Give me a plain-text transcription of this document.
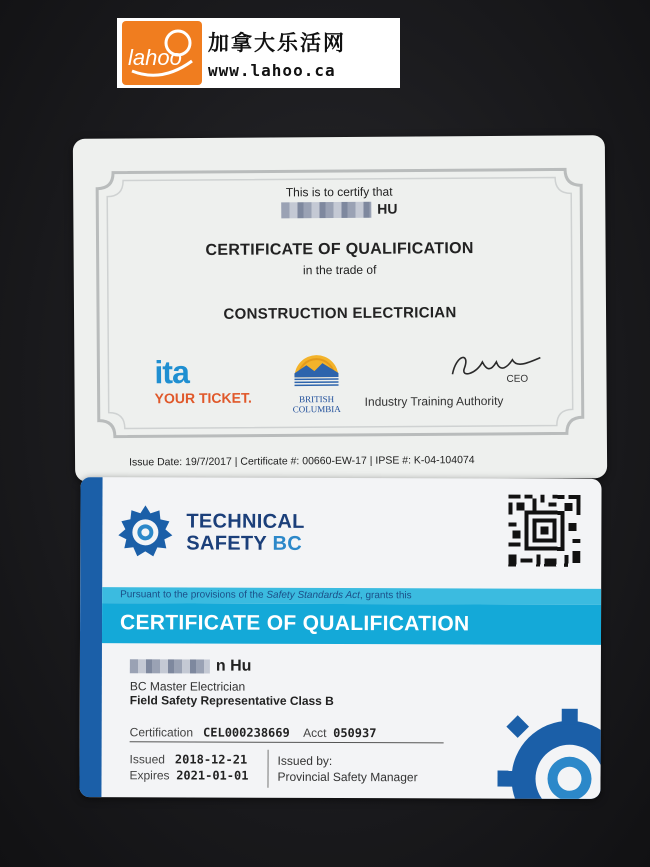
lahoo
加拿大乐活网
www.lahoo.ca
This is to certify that
HU
CERTIFICATE OF QUALIFICATION
in the trade of
CONSTRUCTION ELECTRICIAN
ita
YOUR TICKET.	BRITISH
COLUMBIA
CEO
Industry Training Authority
Issue Date: 19/7/2017 | Certificate #: 00660-EW-17 | IPSE #: K-04-104074
TECHNICAL
SAFETY BC
Pursuant to the provisions of the Safety Standards Act, grants this
CERTIFICATE OF QUALIFICATION
n Hu
BC Master Electrician
Field Safety Representative Class B
Certification CEL000238669 Acct 050937
Issued 2018-12-21
Expires 2021-01-01
Issued by:
Provincial Safety Manager
